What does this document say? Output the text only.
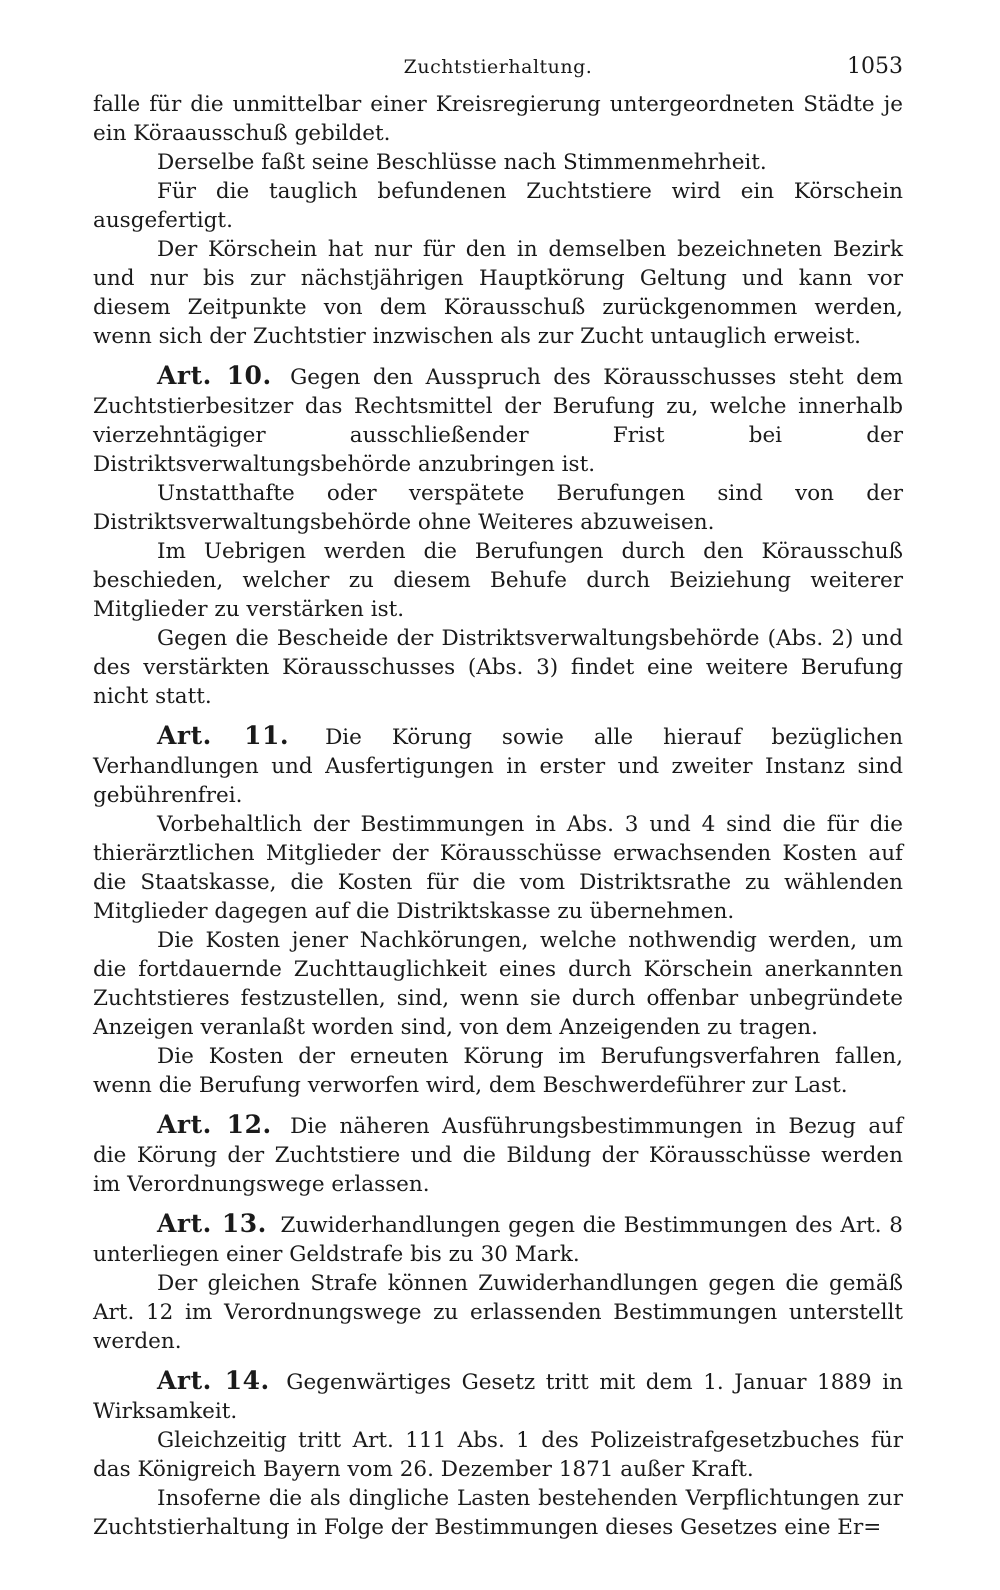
Zuchtstierhaltung.	1053

falle für die unmittelbar einer Kreisregierung untergeordneten Städte je ein Köraausschuß gebildet.

Derselbe faßt seine Beschlüsse nach Stimmenmehrheit.

Für die tauglich befundenen Zuchtstiere wird ein Körschein ausgefertigt.

Der Körschein hat nur für den in demselben bezeichneten Bezirk und nur bis zur nächstjährigen Hauptkörung Geltung und kann vor diesem Zeitpunkte von dem Körausschuß zurückgenommen werden, wenn sich der Zuchtstier inzwischen als zur Zucht untauglich erweist.

Art. 10. Gegen den Ausspruch des Körausschusses steht dem Zuchtstierbesitzer das Rechtsmittel der Berufung zu, welche innerhalb vierzehntägiger ausschließender Frist bei der Distriktsverwaltungsbehörde anzubringen ist.

Unstatthafte oder verspätete Berufungen sind von der Distriktsverwaltungsbehörde ohne Weiteres abzuweisen.

Im Uebrigen werden die Berufungen durch den Körausschuß beschieden, welcher zu diesem Behufe durch Beiziehung weiterer Mitglieder zu verstärken ist.

Gegen die Bescheide der Distriktsverwaltungsbehörde (Abs. 2) und des verstärkten Körausschusses (Abs. 3) findet eine weitere Berufung nicht statt.

Art. 11. Die Körung sowie alle hierauf bezüglichen Verhandlungen und Ausfertigungen in erster und zweiter Instanz sind gebührenfrei.

Vorbehaltlich der Bestimmungen in Abs. 3 und 4 sind die für die thierärztlichen Mitglieder der Körausschüsse erwachsenden Kosten auf die Staatskasse, die Kosten für die vom Distriktsrathe zu wählenden Mitglieder dagegen auf die Distriktskasse zu übernehmen.

Die Kosten jener Nachkörungen, welche nothwendig werden, um die fortdauernde Zuchttauglichkeit eines durch Körschein anerkannten Zuchtstieres festzustellen, sind, wenn sie durch offenbar unbegründete Anzeigen veranlaßt worden sind, von dem Anzeigenden zu tragen.

Die Kosten der erneuten Körung im Berufungsverfahren fallen, wenn die Berufung verworfen wird, dem Beschwerdeführer zur Last.

Art. 12. Die näheren Ausführungsbestimmungen in Bezug auf die Körung der Zuchtstiere und die Bildung der Körausschüsse werden im Verordnungswege erlassen.

Art. 13. Zuwiderhandlungen gegen die Bestimmungen des Art. 8 unterliegen einer Geldstrafe bis zu 30 Mark.

Der gleichen Strafe können Zuwiderhandlungen gegen die gemäß Art. 12 im Verordnungswege zu erlassenden Bestimmungen unterstellt werden.

Art. 14. Gegenwärtiges Gesetz tritt mit dem 1. Januar 1889 in Wirksamkeit.

Gleichzeitig tritt Art. 111 Abs. 1 des Polizeistrafgesetzbuches für das Königreich Bayern vom 26. Dezember 1871 außer Kraft.

Insoferne die als dingliche Lasten bestehenden Verpflichtungen zur Zuchtstierhaltung in Folge der Bestimmungen dieses Gesetzes eine Er=
